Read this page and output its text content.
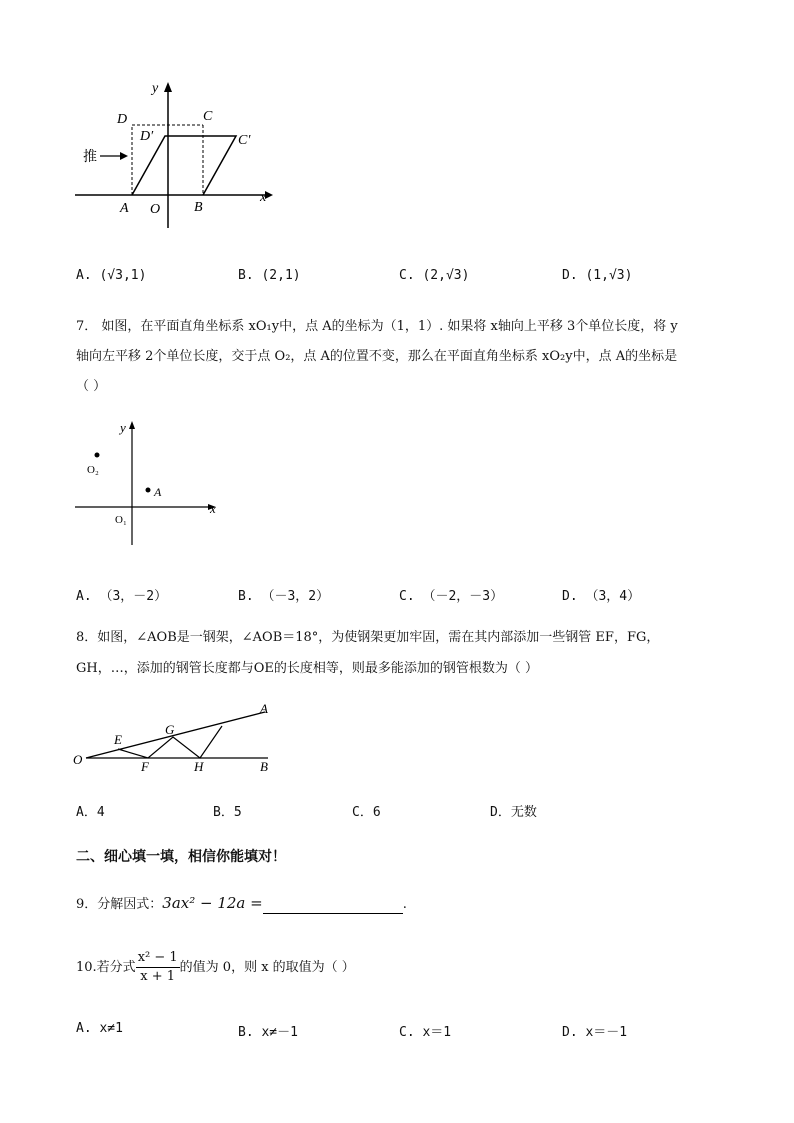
推
y
x
D	C
D′	C′
A O B
A. (√3,1)	B. (2,1)	C. (2,√3)	D. (1,√3)
7． 如图，在平面直角坐标系 xO₁y中，点 A的坐标为（1，1）. 如果将 x轴向上平移 3个单位长度，将 y
轴向左平移 2个单位长度，交于点 O₂，点 A的位置不变，那么在平面直角坐标系 xO₂y中，点 A的坐标是
（ ）
y
x
O₂
A
O₁
A. （3，－2）	B. （－3，2）	C. （－2，－3）	D. （3，4）
8．如图，∠AOB是一钢架，∠AOB＝18°，为使钢架更加牢固，需在其内部添加一些钢管 EF，FG，
GH，…，添加的钢管长度都与OE的长度相等，则最多能添加的钢管根数为（ ）
A
E
G
O	F	H	B
A．4	B．5	C．6	D．无数
二、细心填一填，相信你能填对！
9．分解因式：3ax² − 12a =	.
10.若分式 $\frac{\text{x² − 1}}{x + 1}$ 的值为 0，则 x 的取值为（ ）
A. x≠1	B. x≠－1	C. x＝1	D. x＝－1
